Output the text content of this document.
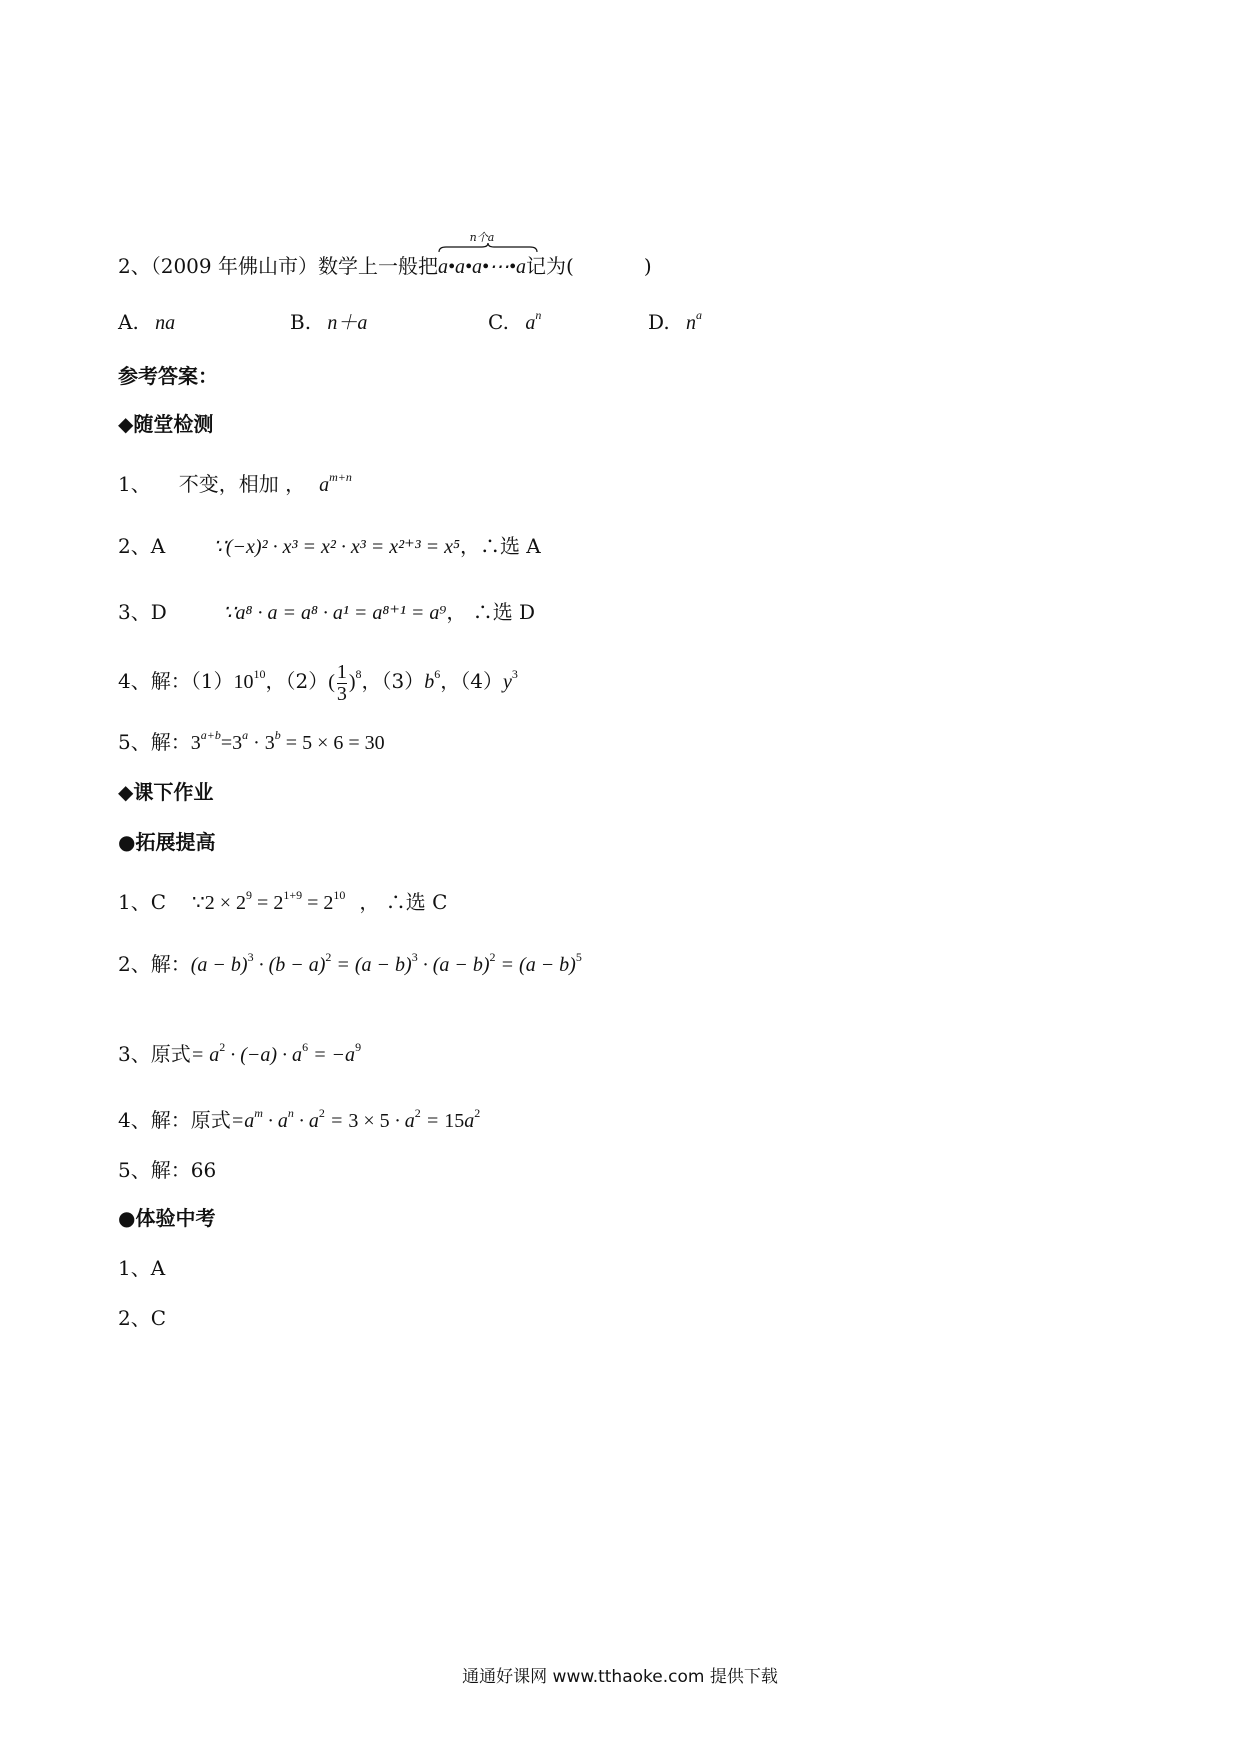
2、（2009 年佛山市）数学上一般把
n个a
a•a•a•⋯•a记为(	)
A. na	B. n＋a	C. $a^n$	D. $n^a$
参考答案：
◆随堂检测
1、 不变，相加 ， $a^{m+n}$
2、A ∵(−x)² · x³ = x² · x³ = x²⁺³ = x⁵，∴选 A
3、D	∵a⁸ · a = a⁸ · a¹ = a⁸⁺¹ = a⁹， ∴选 D
4、解：$(1)10^{10}$，$(2)( \frac{1}{3} )^8$，$(3)b^6$，$(4)y^3$
5、解：$3^{a+b}=3^a \cdot 3^b = 5 \times 6 = 30$
◆课下作业
●拓展提高
1、C ∵2 × $2^9 = 2^{1+9} = 2^{10}$ ， ∴选 C
2、解：$(a - b)^3 \cdot (b - a)^2 = (a - b)^3 \cdot (a - b)^2 = (a - b)^5$
3、原式= $a^2 \cdot (-a) \cdot a^6 = -a^9$
4、解：原式$=a^m \cdot a^n \cdot a^2 = 3 \times 5 \cdot a^2 = 15a^2$
5、解：66
●体验中考
1、A
2、C
通通好课网 www.tthaoke.com 提供下载
